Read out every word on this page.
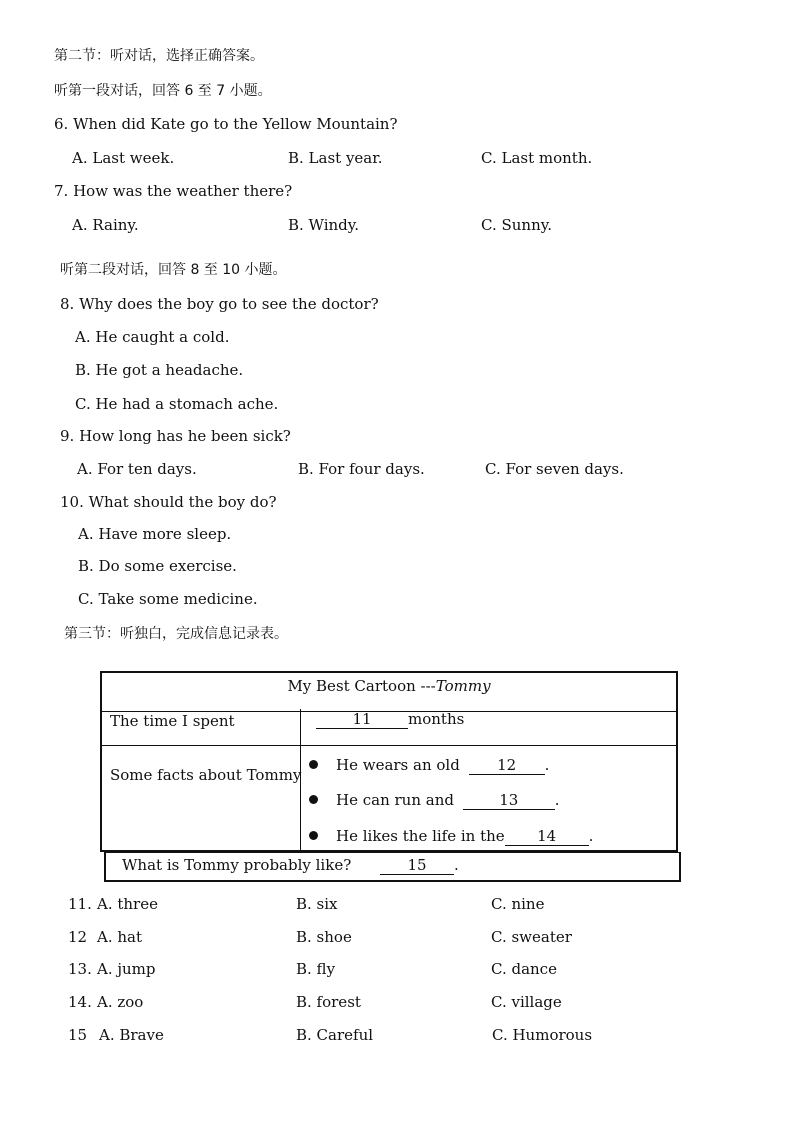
第二节：听对话，选择正确答案。
听第一段对话，回答 6 至 7 小题。
6. When did Kate go to the Yellow Mountain?
A. Last week.	B. Last year.	C. Last month.
7. How was the weather there?
A. Rainy.	B. Windy.	C. Sunny.
听第二段对话，回答 8 至 10 小题。
8. Why does the boy go to see the doctor?
A. He caught a cold.
B. He got a headache.
C. He had a stomach ache.
9. How long has he been sick?
A. For ten days.	B. For four days.	C. For seven days.
10. What should the boy do?
A. Have more sleep.
B. Do some exercise.
C. Take some medicine.
第三节：听独白，完成信息记录表。
My Best Cartoon ---Tommy
The time I spent	11 months
Some facts about Tommy
He wears an old 12 .
He can run and	13 .
He likes the life in the 14 .
What is Tommy probably like?	15 .
11. A. three	B. six	C. nine
12 A. hat	B. shoe	C. sweater
13. A. jump	B. fly	C. dance
14. A. zoo	B. forest	C. village
15 A. Brave	B. Careful	C. Humorous
